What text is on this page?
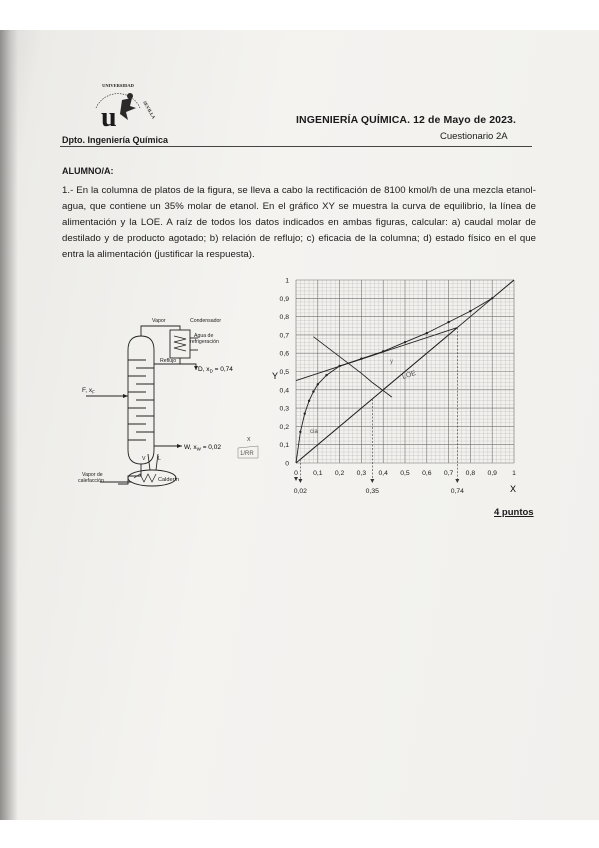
UNIVERSIDAD
SEVILLA
u
Dpto. Ingeniería Química
INGENIERÍA QUÍMICA. 12 de Mayo de 2023.
Cuestionario 2A
ALUMNO/A:
1.- En la columna de platos de la figura, se lleva a cabo la rectificación de 8100 kmol/h de una mezcla etanol-agua, que contiene un 35% molar de etanol. En el gráfico XY se muestra la curva de equilibrio, la línea de alimentación y la LOE. A raíz de todos los datos indicados en ambas figuras, calcular: a) caudal molar de destilado y de producto agotado; b) relación de reflujo; c) eficacia de la columna; d) estado físico en el que entra la alimentación (justificar la respuesta).
Vapor	Condensador
Agua de
refrigeración
Reflujo
F, $x_F$
Vapor de
calefacción	Calderín
V L
D, $x_D = 0,74$
W, $x_W = 0,02$
x
1/RR
0 0,1 0,2 0,3 0,4 0,5 0,6 0,7 0,8 0,9 1
0
0,1
0,2
0,3
0,4
0,5
0,6
0,7
0,8
0,9
1
0,02	0,35	0,74
Y
X
LOE
cia
y
4 puntos
